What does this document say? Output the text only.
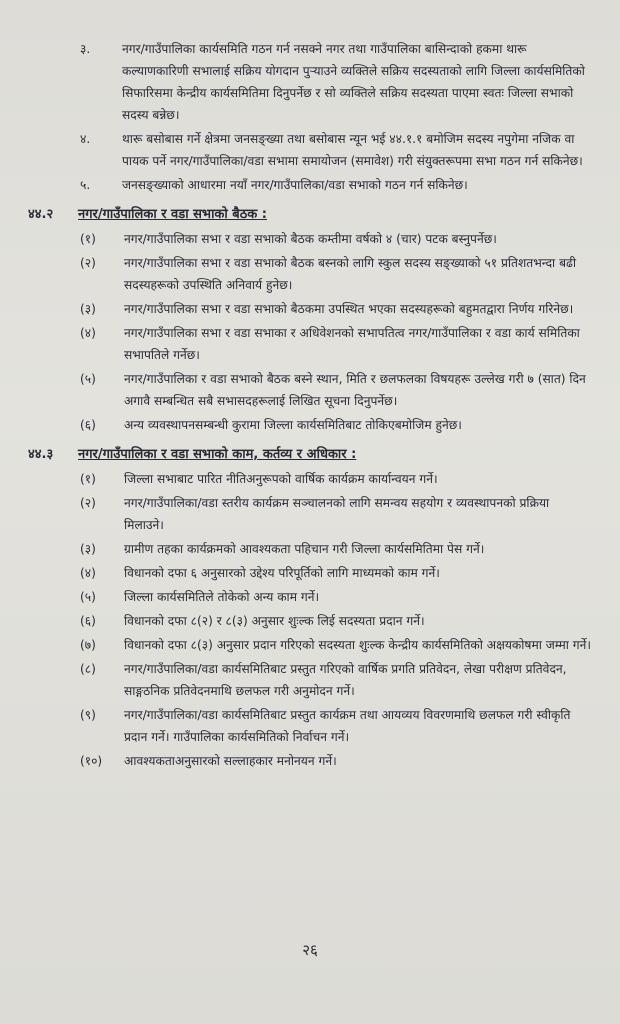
३.	नगर/गाउँपालिका कार्यसमिति गठन गर्न नसक्ने नगर तथा गाउँपालिका बासिन्दाको हकमा थारू कल्याणकारिणी सभालाई सक्रिय योगदान पुर्‍याउने व्यक्तिले सक्रिय सदस्यताको लागि जिल्ला कार्यसमितिको सिफारिसमा केन्द्रीय कार्यसमितिमा दिनुपर्नेछ र सो व्यक्तिले सक्रिय सदस्यता पाएमा स्वतः जिल्ला सभाको सदस्य बन्नेछ।
४.	थारू बसोबास गर्ने क्षेत्रमा जनसङ्ख्या तथा बसोबास न्यून भई ४४.१.१ बमोजिम सदस्य नपुगेमा नजिक वा पायक पर्ने नगर/गाउँपालिका/वडा सभामा समायोजन (समावेश) गरी संयुक्तरूपमा सभा गठन गर्न सकिनेछ।
५.	जनसङ्ख्याको आधारमा नयाँ नगर/गाउँपालिका/वडा सभाको गठन गर्न सकिनेछ।
४४.२	नगर/गाउँपालिका र वडा सभाको बैठक :
(१)	नगर/गाउँपालिका सभा र वडा सभाको बैठक कम्तीमा वर्षको ४ (चार) पटक बस्नुपर्नेछ।
(२)	नगर/गाउँपालिका सभा र वडा सभाको बैठक बस्नको लागि स्कुल सदस्य सङ्ख्याको ५१ प्रतिशतभन्दा बढी सदस्यहरूको उपस्थिति अनिवार्य हुनेछ।
(३)	नगर/गाउँपालिका सभा र वडा सभाको बैठकमा उपस्थित भएका सदस्यहरूको बहुमतद्वारा निर्णय गरिनेछ।
(४)	नगर/गाउँपालिका सभा र वडा सभाका र अधिवेशनको सभापतित्व नगर/गाउँपालिका र वडा कार्य समितिका सभापतिले गर्नेछ।
(५)	नगर/गाउँपालिका र वडा सभाको बैठक बस्ने स्थान, मिति र छलफलका विषयहरू उल्लेख गरी ७ (सात) दिन अगावै सम्बन्धित सबै सभासदहरूलाई लिखित सूचना दिनुपर्नेछ।
(६)	अन्य व्यवस्थापनसम्बन्धी कुरामा जिल्ला कार्यसमितिबाट तोकिएबमोजिम हुनेछ।
४४.३	नगर/गाउँपालिका र वडा सभाको काम, कर्तव्य र अधिकार :
(१)	जिल्ला सभाबाट पारित नीतिअनुरूपको वार्षिक कार्यक्रम कार्यान्वयन गर्ने।
(२)	नगर/गाउँपालिका/वडा स्तरीय कार्यक्रम सञ्चालनको लागि समन्वय सहयोग र व्यवस्थापनको प्रक्रिया मिलाउने।
(३)	ग्रामीण तहका कार्यक्रमको आवश्यकता पहिचान गरी जिल्ला कार्यसमितिमा पेस गर्ने।
(४)	विधानको दफा ६ अनुसारको उद्देश्य परिपूर्तिको लागि माध्यमको काम गर्ने।
(५)	जिल्ला कार्यसमितिले तोकेको अन्य काम गर्ने।
(६)	विधानको दफा ८(२) र ८(३) अनुसार शुःल्क लिई सदस्यता प्रदान गर्ने।
(७)	विधानको दफा ८(३) अनुसार प्रदान गरिएको सदस्यता शुःल्क केन्द्रीय कार्यसमितिको अक्षयकोषमा जम्मा गर्ने।
(८)	नगर/गाउँपालिका/वडा कार्यसमितिबाट प्रस्तुत गरिएको वार्षिक प्रगति प्रतिवेदन, लेखा परीक्षण प्रतिवेदन, साङ्गठनिक प्रतिवेदनमाथि छलफल गरी अनुमोदन गर्ने।
(९)	नगर/गाउँपालिका/वडा कार्यसमितिबाट प्रस्तुत कार्यक्रम तथा आयव्यय विवरणमाथि छलफल गरी स्वीकृति प्रदान गर्ने। गाउँपालिका कार्यसमितिको निर्वाचन गर्ने।
(१०)	आवश्यकताअनुसारको सल्लाहकार मनोनयन गर्ने।
२६
